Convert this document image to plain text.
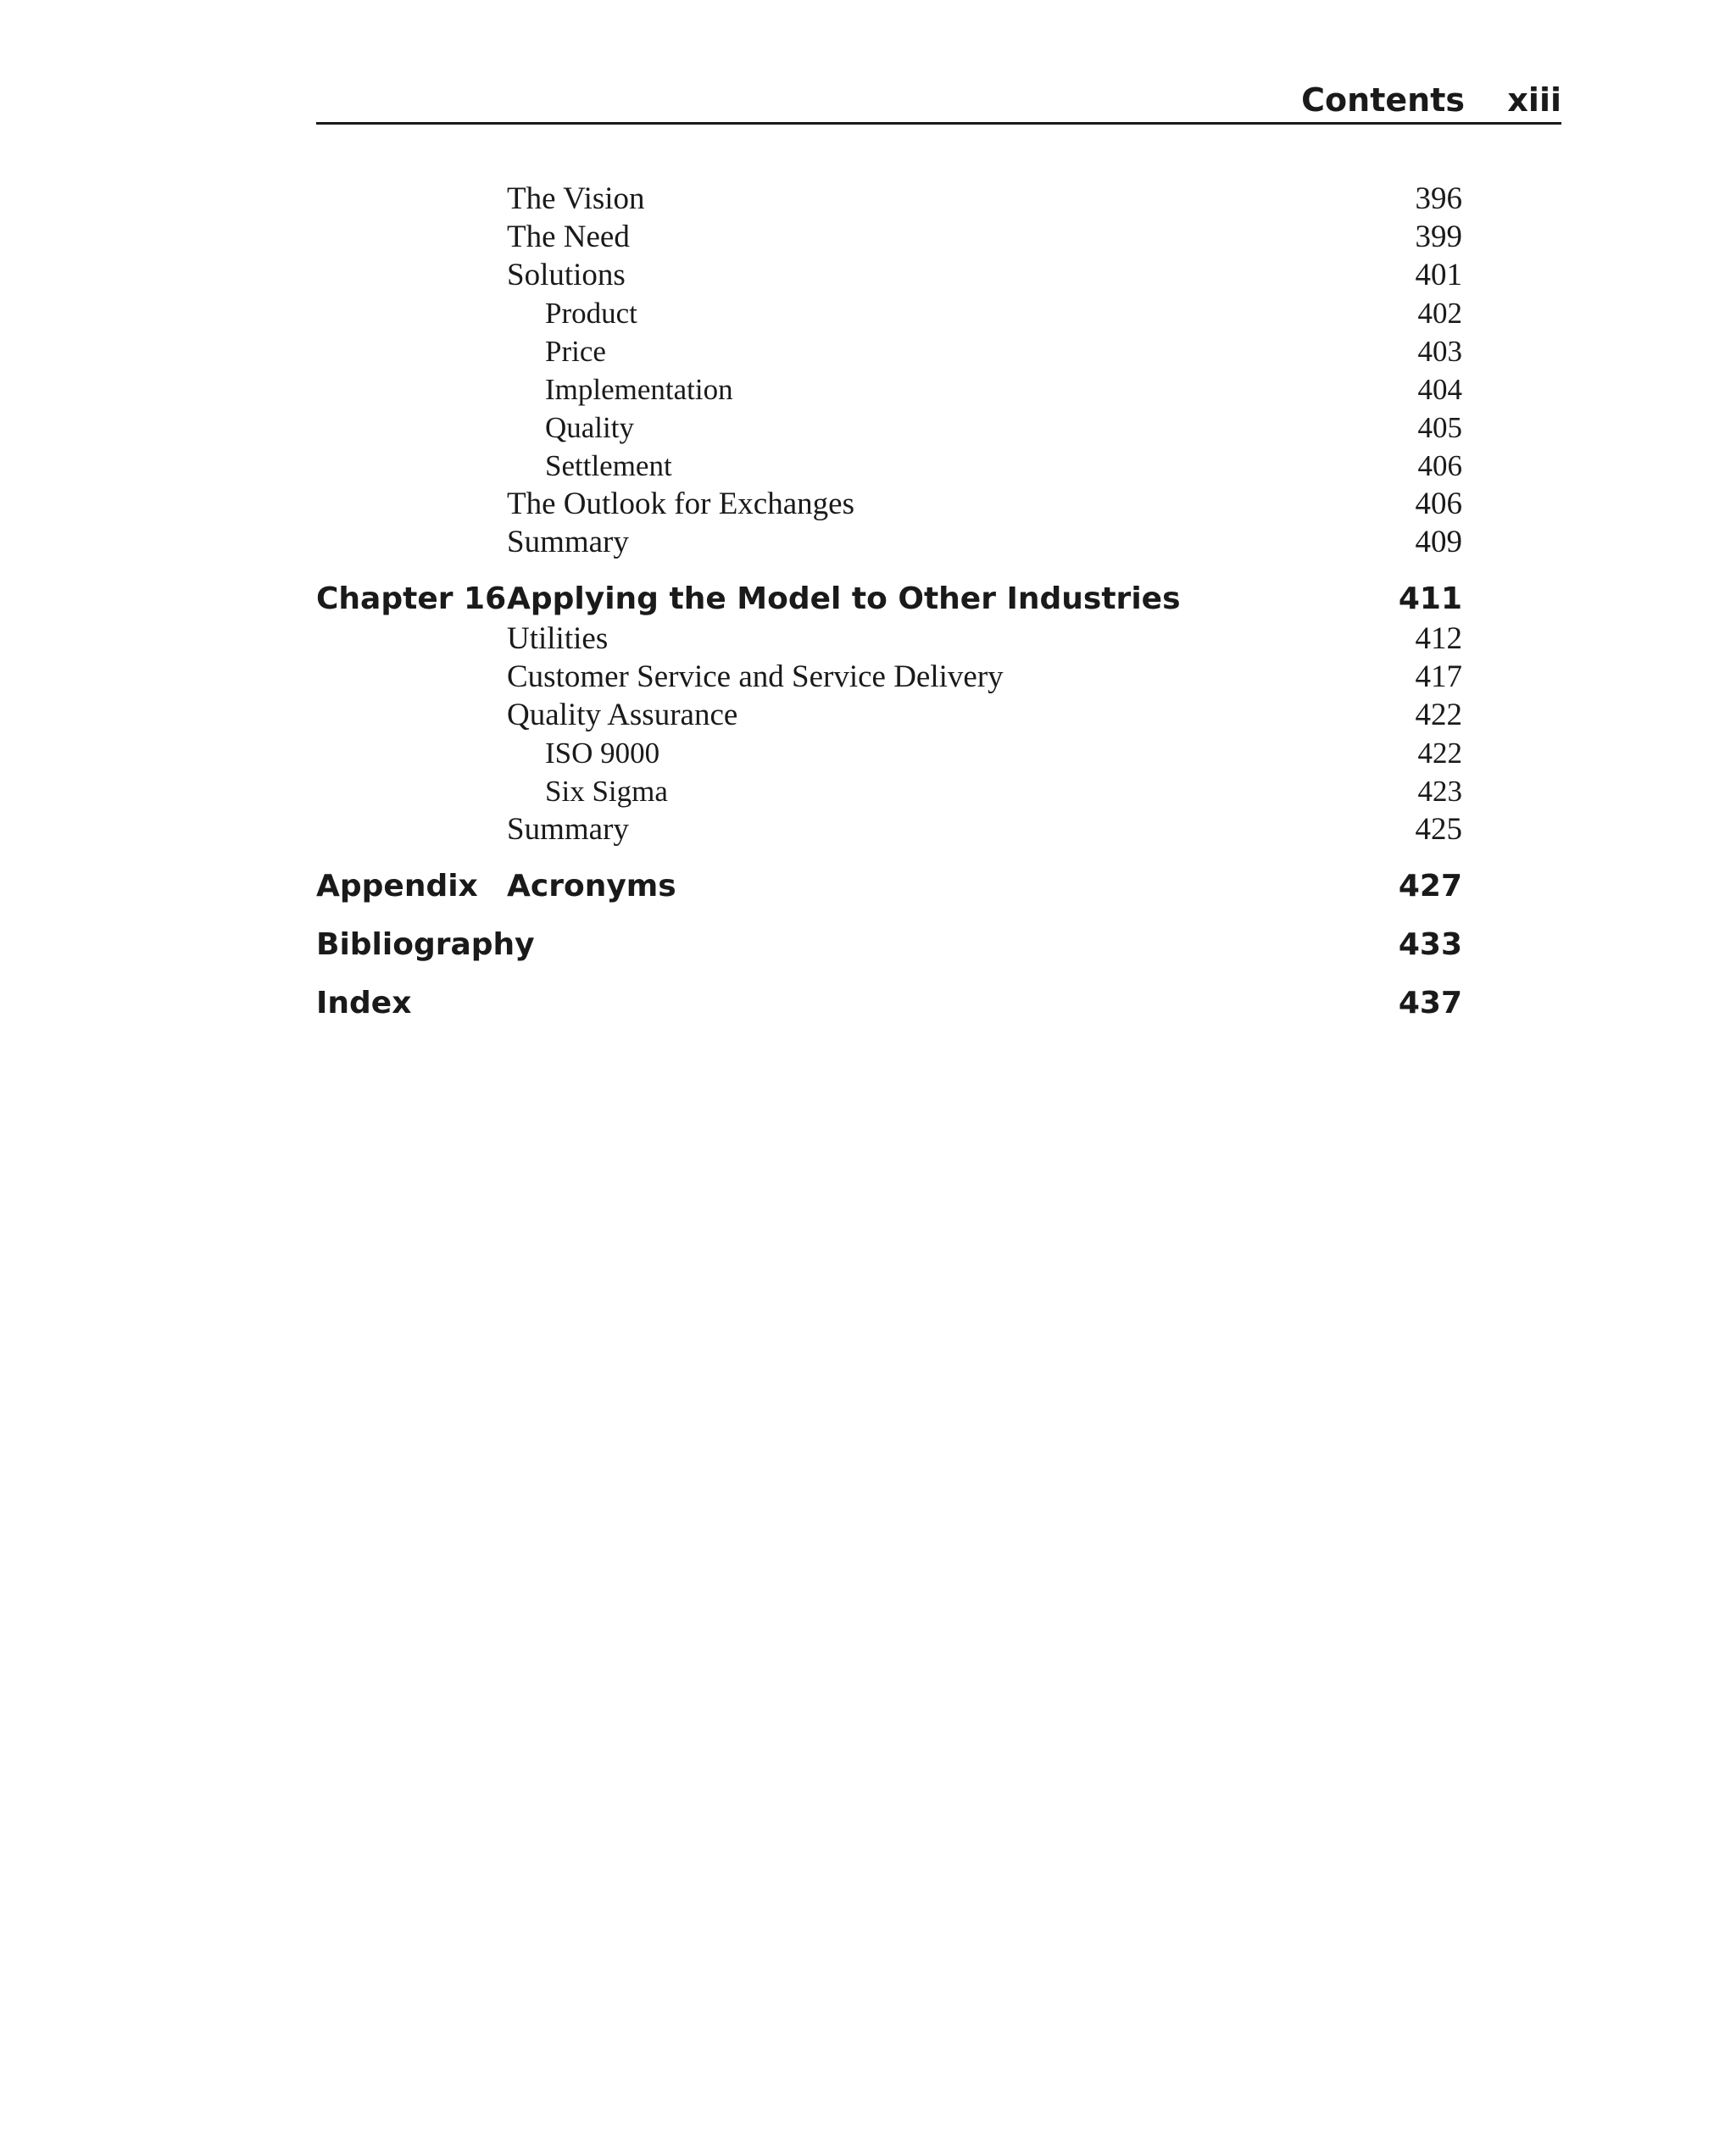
Contents xiii
The Vision	396
The Need	399
Solutions	401
Product	402
Price	403
Implementation	404
Quality	405
Settlement	406
The Outlook for Exchanges	406
Summary	409
Chapter 16 Applying the Model to Other Industries	411
Utilities	412
Customer Service and Service Delivery	417
Quality Assurance	422
ISO 9000	422
Six Sigma	423
Summary	425
Appendix Acronyms	427
Bibliography	433
Index	437
